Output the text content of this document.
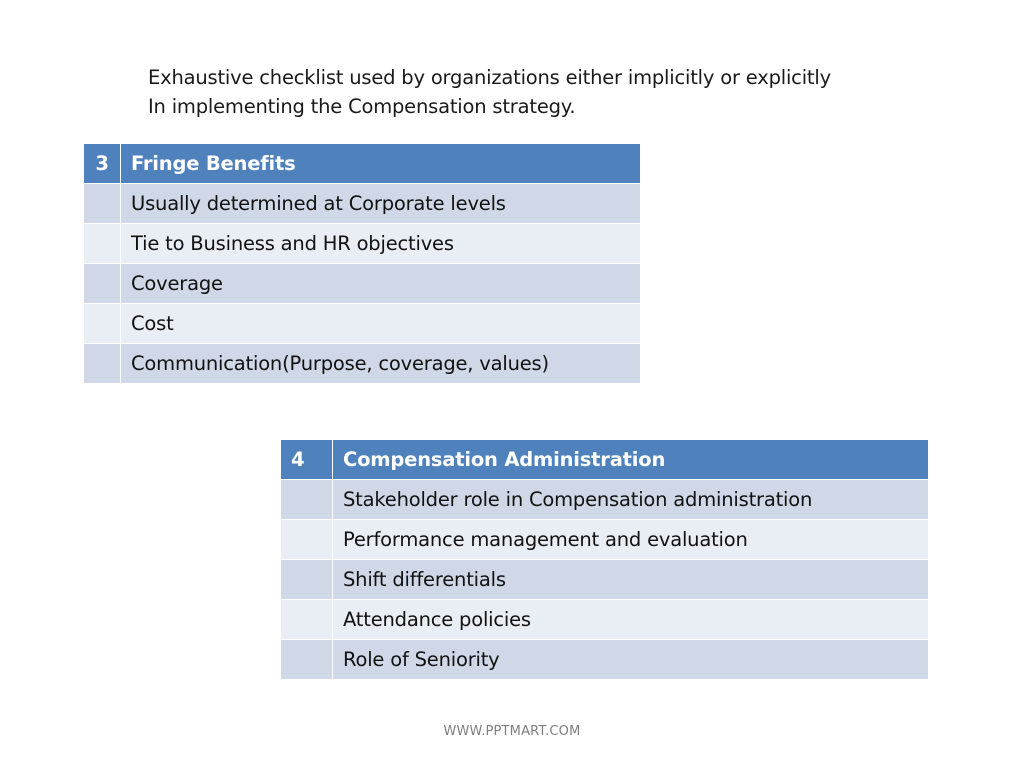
Exhaustive checklist used by organizations either implicitly or explicitly
In implementing the Compensation strategy.
3	Fringe Benefits
	Usually determined at Corporate levels
	Tie to Business and HR objectives
	Coverage
	Cost
	Communication(Purpose, coverage, values)
4	Compensation Administration
	Stakeholder role in Compensation administration
	Performance management and evaluation
	Shift differentials
	Attendance policies
	Role of Seniority
WWW.PPTMART.COM
